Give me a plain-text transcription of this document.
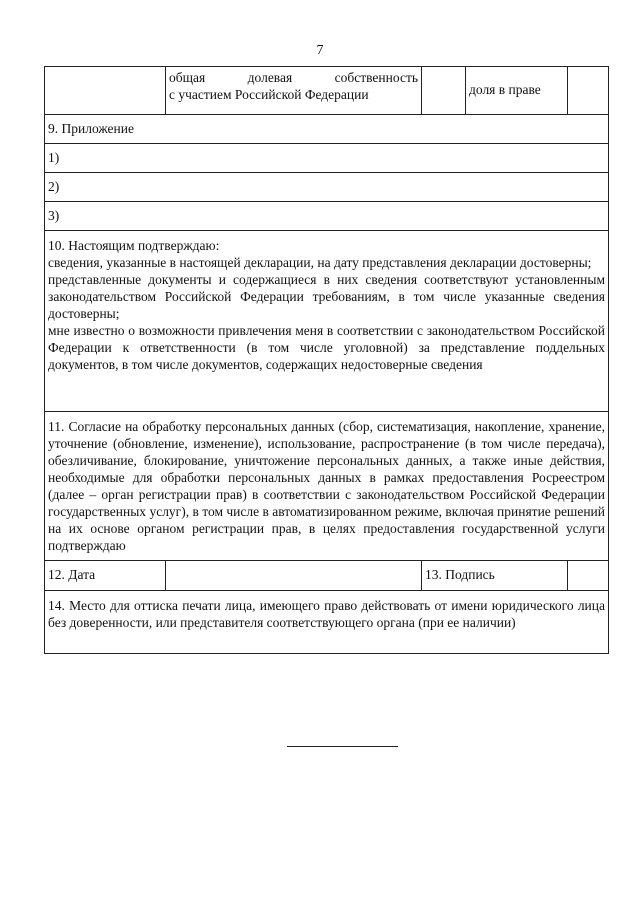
7

	общая долевая собственность
с участием Российской Федерации		доля в праве	

9. Приложение				
1)				
2)				
3)				

10. Настоящим подтверждаю:
сведения, указанные в настоящей декларации, на дату представления декларации достоверны;
представленные документы и содержащиеся в них сведения соответствуют установленным законодательством Российской Федерации требованиям, в том числе указанные сведения достоверны;
мне известно о возможности привлечения меня в соответствии с законодательством Российской Федерации к ответственности (в том числе уголовной) за представление поддельных документов, в том числе документов, содержащих недостоверные сведения				

11. Согласие на обработку персональных данных (сбор, систематизация, накопление, хранение, уточнение (обновление, изменение), использование, распространение (в том числе передача), обезличивание, блокирование, уничтожение персональных данных, а также иные действия, необходимые для обработки персональных данных в рамках предоставления Росреестром (далее – орган регистрации прав) в соответствии с законодательством Российской Федерации государственных услуг), в том числе в автоматизированном режиме, включая принятие решений на их основе органом регистрации прав, в целях предоставления государственной услуги подтверждаю				

12. Дата		13. Подпись		

14. Место для оттиска печати лица, имеющего право действовать от имени юридического лица без доверенности, или представителя соответствующего органа (при ее наличии)				
